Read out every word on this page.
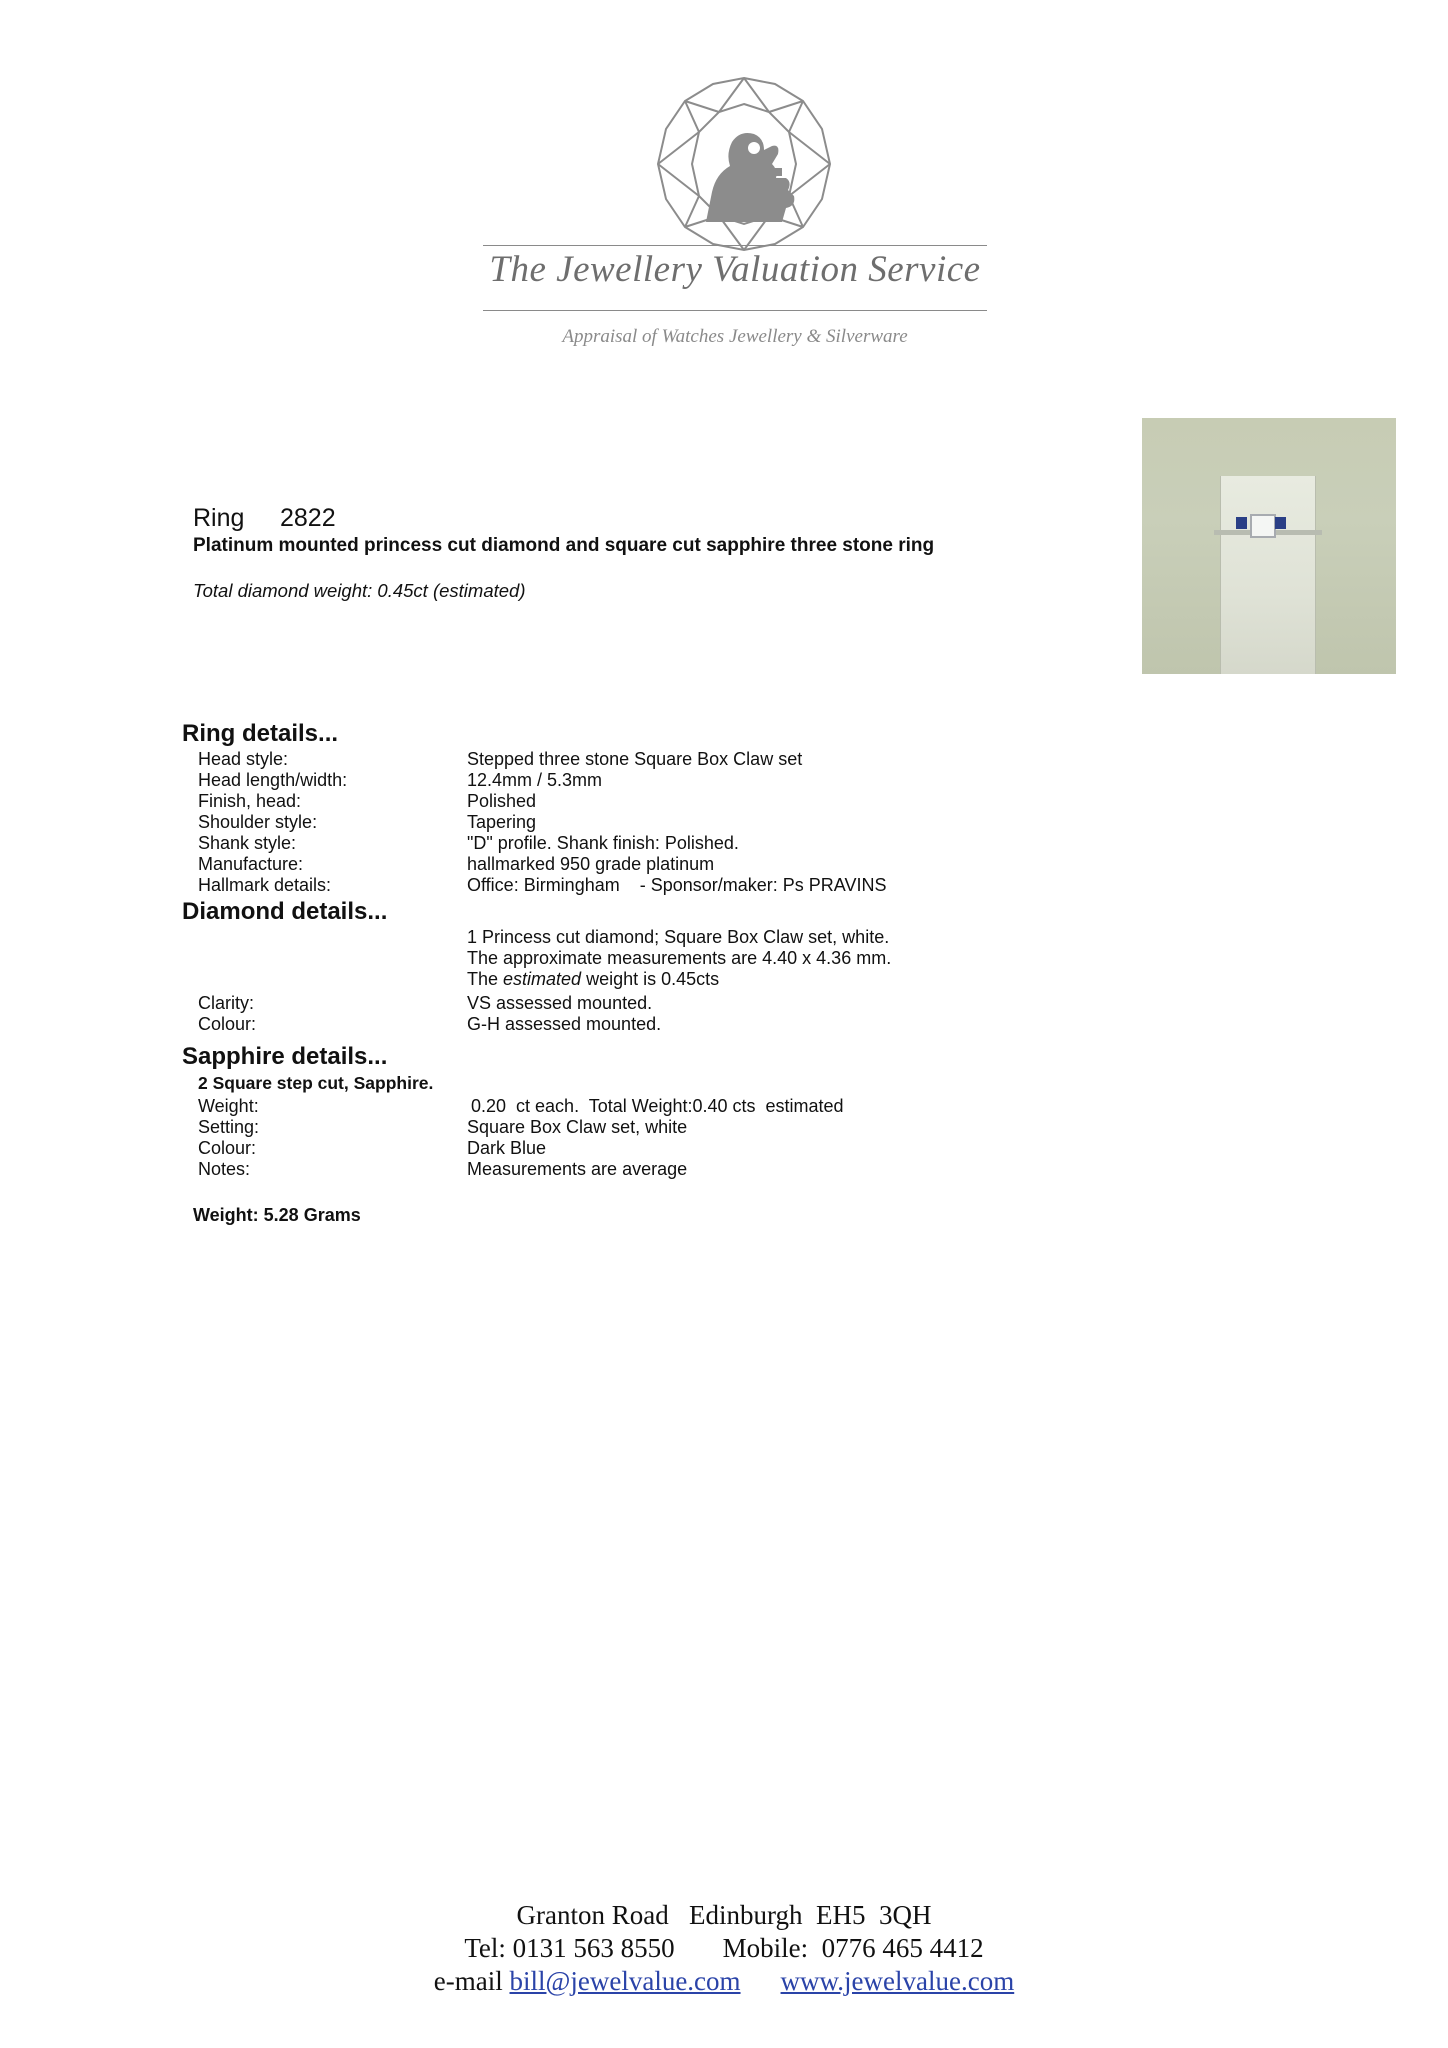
The Jewellery Valuation Service
Appraisal of Watches Jewellery & Silverware
Ring 2822
Platinum mounted princess cut diamond and square cut sapphire three stone ring
Total diamond weight: 0.45ct (estimated)
Ring details...
Head style:	Stepped three stone Square Box Claw set
Head length/width:	12.4mm / 5.3mm
Finish, head:	Polished
Shoulder style:	Tapering
Shank style:	"D" profile. Shank finish: Polished.
Manufacture:	hallmarked 950 grade platinum
Hallmark details:	Office: Birmingham    - Sponsor/maker: Ps PRAVINS
Diamond details...
1 Princess cut diamond; Square Box Claw set, white.
The approximate measurements are 4.40 x 4.36 mm.
The estimated weight is 0.45cts
Clarity:	VS assessed mounted.
Colour:	G-H assessed mounted.
Sapphire details...
2 Square step cut, Sapphire.
Weight:	0.20  ct each.  Total Weight:0.40 cts  estimated
Setting:	Square Box Claw set, white
Colour:	Dark Blue
Notes:	Measurements are average
Weight: 5.28 Grams
Granton Road   Edinburgh  EH5  3QH
Tel: 0131 563 8550 Mobile:  0776 465 4412
e-mail bill@jewelvalue.com www.jewelvalue.com
